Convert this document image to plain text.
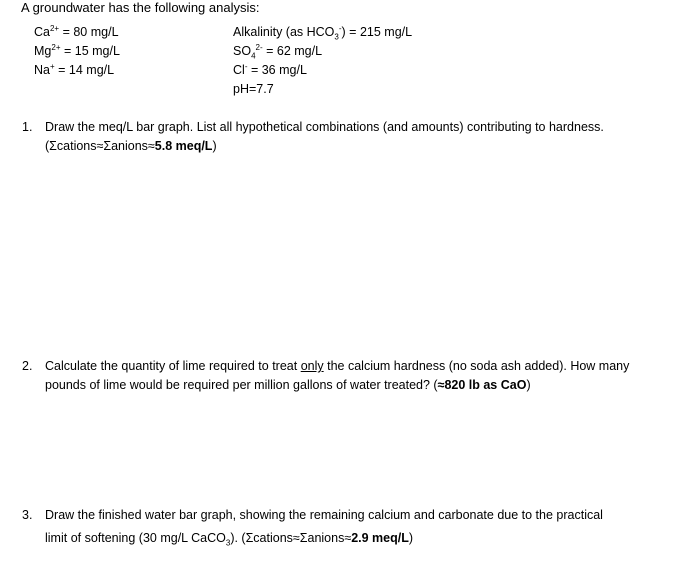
A groundwater has the following analysis:
$Ca^{2+} = 80$ mg/L
$Mg^{2+} = 15$ mg/L
Na+ = 14 mg/L
Alkalinity (as $HCO_3^-) = 215$ mg/L
$SO_4^{2-} = 62$ mg/L
Cl- = 36 mg/L
pH=7.7
1. Draw the meq/L bar graph. List all hypothetical combinations (and amounts) contributing to hardness.
(Σcations≈Σanions≈5.8 meq/L)
2. Calculate the quantity of lime required to treat only the calcium hardness (no soda ash added). How many
pounds of lime would be required per million gallons of water treated? (≈820 lb as CaO)
3. Draw the finished water bar graph, showing the remaining calcium and carbonate due to the practical
limit of softening (30 mg/L CaCO$_3$). (Σcations≈Σanions≈2.9 meq/L)
